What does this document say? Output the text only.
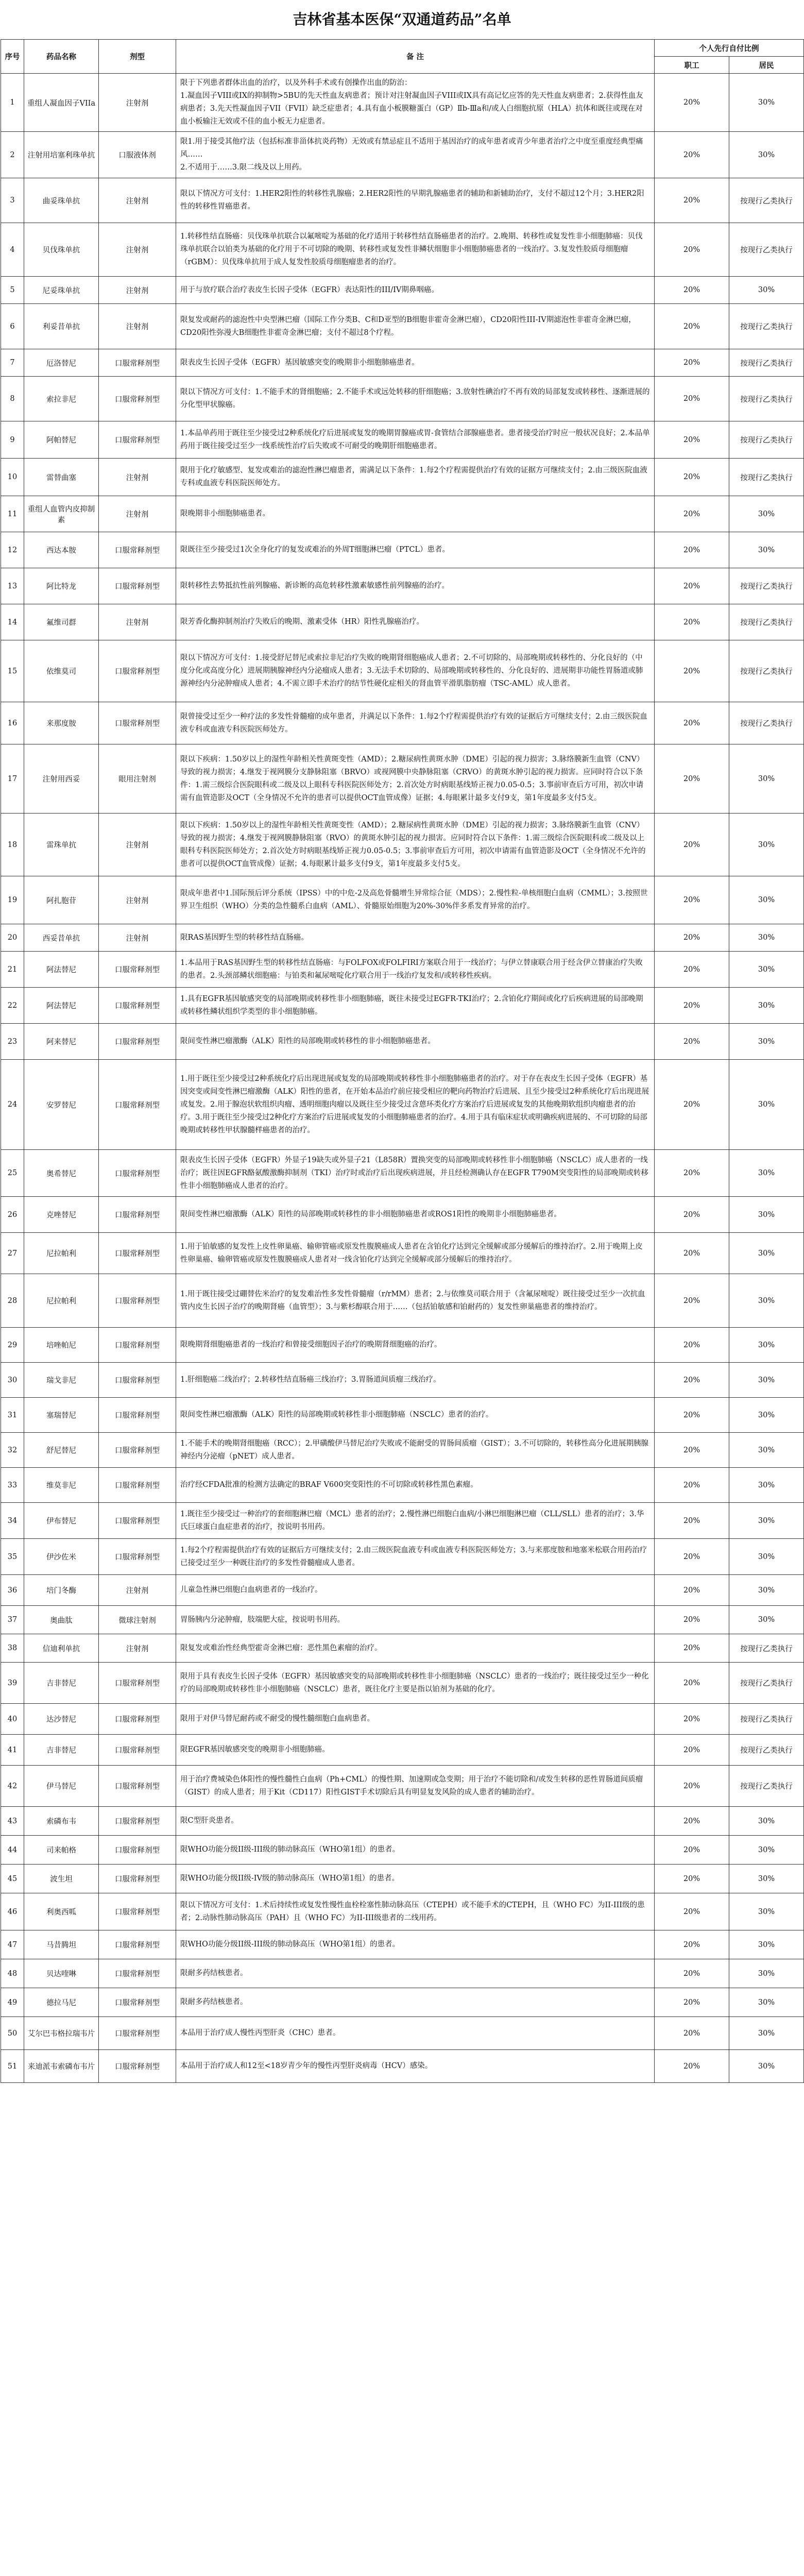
吉林省基本医保“双通道药品”名单
序号	药品名称	剂型	备 注	个人先行自付比例	
				职工	居民
1	重组人凝血因子VIIa	注射剂	限于下列患者群体出血的治疗，以及外科手术或有创操作出血的防治：
1.凝血因子VIII或IX的抑制物>5BU的先天性血友病患者；预计对注射凝血因子VIII或IX具有高记忆应答的先天性血友病患者；2.获得性血友病患者；3.先天性凝血因子VII（FVII）缺乏症患者；4.具有血小板膜糖蛋白（GP）Ⅱb-Ⅲa和/或人白细胞抗原（HLA）抗体和既往或现在对血小板输注无效或不佳的血小板无力症患者。	20%	30%
2	注射用培塞利珠单抗	口服液体剂	限1.用于接受其他疗法（包括标准非甾体抗炎药物）无效或有禁忌症且不适用于基因治疗的成年患者或青少年患者治疗之中度至重度经典型痛风……
2.不适用于……3.限二线及以上用药。	20%	30%
3	曲妥珠单抗	注射剂	限以下情况方可支付：1.HER2阳性的转移性乳腺癌；2.HER2阳性的早期乳腺癌患者的辅助和新辅助治疗，支付不超过12个月；3.HER2阳性的转移性胃癌患者。	20%	按现行乙类执行
4	贝伐珠单抗	注射剂	1.转移性结直肠癌：贝伐珠单抗联合以氟嘧啶为基础的化疗适用于转移性结直肠癌患者的治疗。2.晚期、转移性或复发性非小细胞肺癌：贝伐珠单抗联合以铂类为基础的化疗用于不可切除的晚期、转移性或复发性非鳞状细胞非小细胞肺癌患者的一线治疗。3.复发性胶质母细胞瘤（rGBM）：贝伐珠单抗用于成人复发性胶质母细胞瘤患者的治疗。	20%	按现行乙类执行
5	尼妥珠单抗	注射剂	用于与放疗联合治疗表皮生长因子受体（EGFR）表达阳性的III/IV期鼻咽癌。	20%	30%
6	利妥昔单抗	注射剂	限复发或耐药的滤泡性中央型淋巴瘤（国际工作分类B、C和D亚型的B细胞非霍奇金淋巴瘤），CD20阳性III-IV期滤泡性非霍奇金淋巴瘤，CD20阳性弥漫大B细胞性非霍奇金淋巴瘤；支付不超过8个疗程。	20%	按现行乙类执行
7	厄洛替尼	口服常释剂型	限表皮生长因子受体（EGFR）基因敏感突变的晚期非小细胞肺癌患者。	20%	按现行乙类执行
8	索拉非尼	口服常释剂型	限以下情况方可支付：1.不能手术的肾细胞癌；2.不能手术或远处转移的肝细胞癌；3.放射性碘治疗不再有效的局部复发或转移性、逐渐进展的分化型甲状腺癌。	20%	按现行乙类执行
9	阿帕替尼	口服常释剂型	1.本品单药用于既往至少接受过2种系统化疗后进展或复发的晚期胃腺癌或胃-食管结合部腺癌患者。患者接受治疗时应一般状况良好；2.本品单药用于既往接受过至少一线系统性治疗后失败或不可耐受的晚期肝细胞癌患者。	20%	按现行乙类执行
10	雷替曲塞	注射剂	限用于化疗敏感型、复发或难治的滤泡性淋巴瘤患者，需满足以下条件：1.每2个疗程需提供治疗有效的证据方可继续支付；2.由三级医院血液专科或血液专科医院医师处方。	20%	按现行乙类执行
11	重组人血管内皮抑制素	注射剂	限晚期非小细胞肺癌患者。	20%	30%
12	西达本胺	口服常释剂型	限既往至少接受过1次全身化疗的复发或难治的外周T细胞淋巴瘤（PTCL）患者。	20%	30%
13	阿比特龙	口服常释剂型	限转移性去势抵抗性前列腺癌、新诊断的高危转移性激素敏感性前列腺癌的治疗。	20%	按现行乙类执行
14	氟维司群	注射剂	限芳香化酶抑制剂治疗失败后的晚期、激素受体（HR）阳性乳腺癌治疗。	20%	按现行乙类执行
15	依维莫司	口服常释剂型	限以下情况方可支付：1.接受舒尼替尼或索拉非尼治疗失败的晚期肾细胞癌成人患者；2.不可切除的、局部晚期或转移性的、分化良好的（中度分化或高度分化）进展期胰腺神经内分泌瘤成人患者；3.无法手术切除的、局部晚期或转移性的、分化良好的、进展期非功能性胃肠道或肺源神经内分泌肿瘤成人患者；4.不需立即手术治疗的结节性硬化症相关的肾血管平滑肌脂肪瘤（TSC-AML）成人患者。	20%	按现行乙类执行
16	来那度胺	口服常释剂型	限曾接受过至少一种疗法的多发性骨髓瘤的成年患者，并满足以下条件：1.每2个疗程需提供治疗有效的证据后方可继续支付；2.由三级医院血液专科或血液专科医院医师处方。	20%	按现行乙类执行
17	注射用西妥	眼用注射剂	限以下疾病：1.50岁以上的湿性年龄相关性黄斑变性（AMD）；2.糖尿病性黄斑水肿（DME）引起的视力损害；3.脉络膜新生血管（CNV）导致的视力损害；4.继发于视网膜分支静脉阻塞（BRVO）或视网膜中央静脉阻塞（CRVO）的黄斑水肿引起的视力损害。应同时符合以下条件：1.需三级综合医院眼科或二级及以上眼科专科医院医师处方；2.首次处方时病眼基线矫正视力0.05-0.5；3.事前审查后方可用，初次申请需有血管造影及OCT（全身情况不允许的患者可以提供OCT血管成像）证据；4.每眼累计最多支付9支，第1年度最多支付5支。	20%	30%
18	雷珠单抗	注射剂	限以下疾病：1.50岁以上的湿性年龄相关性黄斑变性（AMD）；2.糖尿病性黄斑水肿（DME）引起的视力损害；3.脉络膜新生血管（CNV）导致的视力损害；4.继发于视网膜静脉阻塞（RVO）的黄斑水肿引起的视力损害。应同时符合以下条件：1.需三级综合医院眼科或二级及以上眼科专科医院医师处方；2.首次处方时病眼基线矫正视力0.05-0.5；3.事前审查后方可用，初次申请需有血管造影及OCT（全身情况不允许的患者可以提供OCT血管成像）证据；4.每眼累计最多支付9支，第1年度最多支付5支。	20%	30%
19	阿扎胞苷	注射剂	限成年患者中1.国际预后评分系统（IPSS）中的中危-2及高危骨髓增生异常综合征（MDS）；2.慢性粒-单核细胞白血病（CMML）；3.按照世界卫生组织（WHO）分类的急性髓系白血病（AML）、骨髓原始细胞为20%-30%伴多系发育异常的治疗。	20%	30%
20	西妥昔单抗	注射剂	限RAS基因野生型的转移性结直肠癌。	20%	30%
21	阿法替尼	口服常释剂型	1.本品用于RAS基因野生型的转移性结直肠癌：与FOLFOX或FOLFIRI方案联合用于一线治疗；与伊立替康联合用于经含伊立替康治疗失败的患者。2.头颈部鳞状细胞癌：与铂类和氟尿嘧啶化疗联合用于一线治疗复发和/或转移性疾病。	20%	30%
22	阿法替尼	口服常释剂型	1.具有EGFR基因敏感突变的局部晚期或转移性非小细胞肺癌，既往未接受过EGFR-TKI治疗；2.含铂化疗期间或化疗后疾病进展的局部晚期或转移性鳞状组织学类型的非小细胞肺癌。	20%	30%
23	阿来替尼	口服常释剂型	限间变性淋巴瘤激酶（ALK）阳性的局部晚期或转移性的非小细胞肺癌患者。	20%	30%
24	安罗替尼	口服常释剂型	1.用于既往至少接受过2种系统化疗后出现进展或复发的局部晚期或转移性非小细胞肺癌患者的治疗。对于存在表皮生长因子受体（EGFR）基因突变或间变性淋巴瘤激酶（ALK）阳性的患者，在开始本品治疗前应接受相应的靶向药物治疗后进展、且至少接受过2种系统化疗后出现进展或复发。2.用于腺泡状软组织肉瘤、透明细胞肉瘤以及既往至少接受过含蒽环类化疗方案治疗后进展或复发的其他晚期软组织肉瘤患者的治疗。3.用于既往至少接受过2种化疗方案治疗后进展或复发的小细胞肺癌患者的治疗。4.用于具有临床症状或明确疾病进展的、不可切除的局部晚期或转移性甲状腺髓样癌患者的治疗。	20%	30%
25	奥希替尼	口服常释剂型	限表皮生长因子受体（EGFR）外显子19缺失或外显子21（L858R）置换突变的局部晚期或转移性非小细胞肺癌（NSCLC）成人患者的一线治疗；既往因EGFR酪氨酸激酶抑制剂（TKI）治疗时或治疗后出现疾病进展，并且经检测确认存在EGFR T790M突变阳性的局部晚期或转移性非小细胞肺癌成人患者的治疗。	20%	30%
26	克唑替尼	口服常释剂型	限间变性淋巴瘤激酶（ALK）阳性的局部晚期或转移性的非小细胞肺癌患者或ROS1阳性的晚期非小细胞肺癌患者。	20%	30%
27	尼拉帕利	口服常释剂型	1.用于铂敏感的复发性上皮性卵巢癌、输卵管癌或原发性腹膜癌成人患者在含铂化疗达到完全缓解或部分缓解后的维持治疗。2.用于晚期上皮性卵巢癌、输卵管癌或原发性腹膜癌成人患者对一线含铂化疗达到完全缓解或部分缓解后的维持治疗。	20%	30%
28	尼拉帕利	口服常释剂型	1.用于既往接受过硼替佐米治疗的复发难治性多发性骨髓瘤（r/rMM）患者；2.与依维莫司联合用于（含氟尿嘧啶）既往接受过至少一次抗血管内皮生长因子治疗的晚期肾癌（血管型）；3.与紫杉醇联合用于……（包括铂敏感和铂耐药的）复发性卵巢癌患者的维持治疗。	20%	30%
29	培唑帕尼	口服常释剂型	限晚期肾细胞癌患者的一线治疗和曾接受细胞因子治疗的晚期肾细胞癌的治疗。	20%	30%
30	瑞戈非尼	口服常释剂型	1.肝细胞癌二线治疗；2.转移性结直肠癌三线治疗；3.胃肠道间质瘤三线治疗。	20%	30%
31	塞瑞替尼	口服常释剂型	限间变性淋巴瘤激酶（ALK）阳性的局部晚期或转移性非小细胞肺癌（NSCLC）患者的治疗。	20%	30%
32	舒尼替尼	口服常释剂型	1.不能手术的晚期肾细胞癌（RCC）；2.甲磺酸伊马替尼治疗失败或不能耐受的胃肠间质瘤（GIST）；3.不可切除的，转移性高分化进展期胰腺神经内分泌瘤（pNET）成人患者。	20%	30%
33	维莫非尼	口服常释剂型	治疗经CFDA批准的检测方法确定的BRAF V600突变阳性的不可切除或转移性黑色素瘤。	20%	30%
34	伊布替尼	口服常释剂型	1.既往至少接受过一种治疗的套细胞淋巴瘤（MCL）患者的治疗；2.慢性淋巴细胞白血病/小淋巴细胞淋巴瘤（CLL/SLL）患者的治疗；3.华氏巨球蛋白血症患者的治疗，按说明书用药。	20%	30%
35	伊沙佐米	口服常释剂型	1.每2个疗程需提供治疗有效的证据后方可继续支付；2.由三级医院血液专科或血液专科医院医师处方；3.与来那度胺和地塞米松联合用药治疗已接受过至少一种既往治疗的多发性骨髓瘤成人患者。	20%	30%
36	培门冬酶	注射剂	儿童急性淋巴细胞白血病患者的一线治疗。	20%	30%
37	奥曲肽	微球注射剂	胃肠胰内分泌肿瘤，肢端肥大症，按说明书用药。	20%	30%
38	信迪利单抗	注射剂	限复发或难治性经典型霍奇金淋巴瘤：恶性黑色素瘤的治疗。	20%	按现行乙类执行
39	吉非替尼	口服常释剂型	限用于具有表皮生长因子受体（EGFR）基因敏感突变的局部晚期或转移性非小细胞肺癌（NSCLC）患者的一线治疗；既往接受过至少一种化疗的局部晚期或转移性非小细胞肺癌（NSCLC）患者，既往化疗主要是指以铂剂为基础的化疗。	20%	按现行乙类执行
40	达沙替尼	口服常释剂型	限用于对伊马替尼耐药或不耐受的慢性髓细胞白血病患者。	20%	按现行乙类执行
41	吉非替尼	口服常释剂型	限EGFR基因敏感突变的晚期非小细胞肺癌。	20%	按现行乙类执行
42	伊马替尼	口服常释剂型	用于治疗费城染色体阳性的慢性髓性白血病（Ph+CML）的慢性期、加速期或急变期；用于治疗不能切除和/或发生转移的恶性胃肠道间质瘤（GIST）的成人患者；用于Kit（CD117）阳性GIST手术切除后具有明显复发风险的成人患者的辅助治疗。	20%	按现行乙类执行
43	索磷布韦	口服常释剂型	限C型肝炎患者。	20%	30%
44	司来帕格	口服常释剂型	限WHO功能分级II级-III级的肺动脉高压（WHO第1组）的患者。	20%	30%
45	波生坦	口服常释剂型	限WHO功能分级II级-IV级的肺动脉高压（WHO第1组）的患者。	20%	30%
46	利奥西呱	口服常释剂型	限以下情况方可支付：1.术后持续性或复发性慢性血栓栓塞性肺动脉高压（CTEPH）或不能手术的CTEPH，且（WHO FC）为II-III级的患者；2.动脉性肺动脉高压（PAH）且（WHO FC）为II-III级患者的二线用药。	20%	30%
47	马昔腾坦	口服常释剂型	限WHO功能分级II级-III级的肺动脉高压（WHO第1组）的患者。	20%	30%
48	贝达喹啉	口服常释剂型	限耐多药结核患者。	20%	30%
49	德拉马尼	口服常释剂型	限耐多药结核患者。	20%	30%
50	艾尔巴韦格拉瑞韦片	口服常释剂型	本品用于治疗成人慢性丙型肝炎（CHC）患者。	20%	30%
51	来迪派韦索磷布韦片	口服常释剂型	本品用于治疗成人和12至<18岁青少年的慢性丙型肝炎病毒（HCV）感染。	20%	30%
